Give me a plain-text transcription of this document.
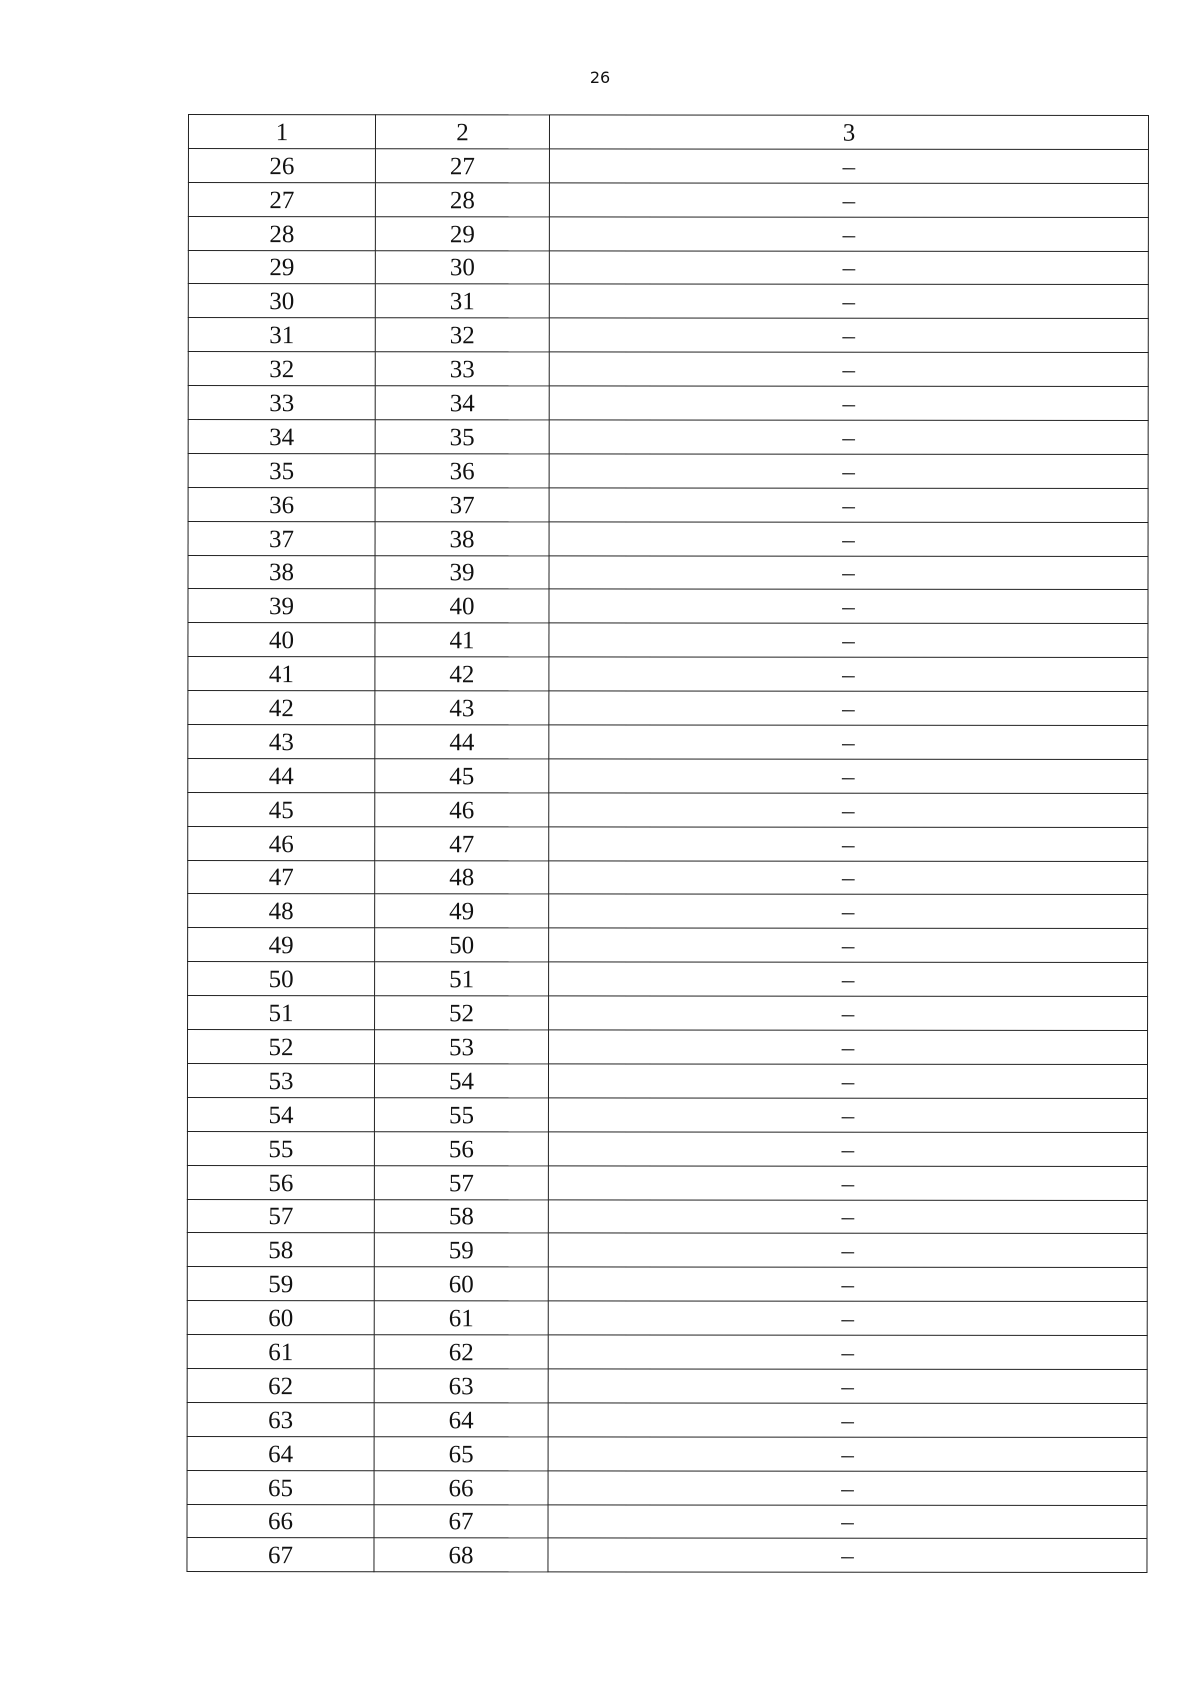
26
1	2	3
26	27	–
27	28	–
28	29	–
29	30	–
30	31	–
31	32	–
32	33	–
33	34	–
34	35	–
35	36	–
36	37	–
37	38	–
38	39	–
39	40	–
40	41	–
41	42	–
42	43	–
43	44	–
44	45	–
45	46	–
46	47	–
47	48	–
48	49	–
49	50	–
50	51	–
51	52	–
52	53	–
53	54	–
54	55	–
55	56	–
56	57	–
57	58	–
58	59	–
59	60	–
60	61	–
61	62	–
62	63	–
63	64	–
64	65	–
65	66	–
66	67	–
67	68	–
